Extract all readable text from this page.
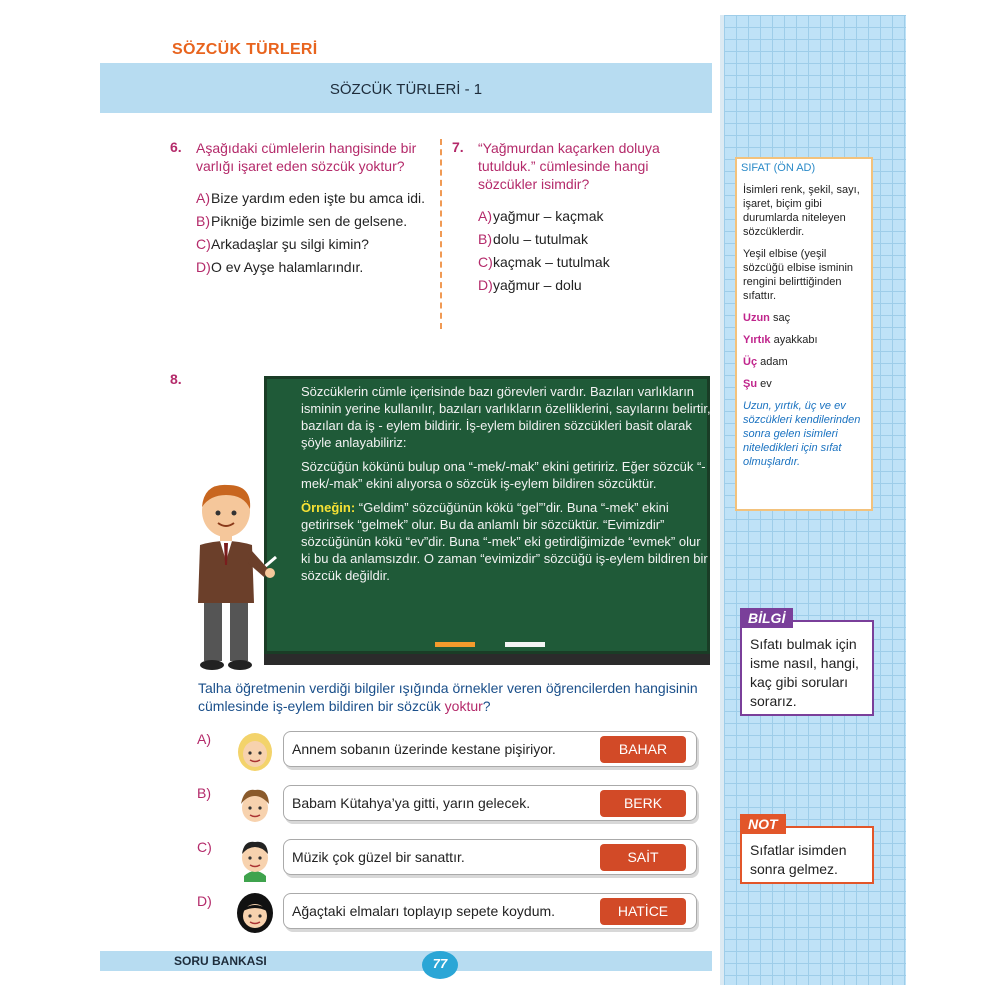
SÖZCÜK TÜRLERİ
SÖZCÜK TÜRLERİ - 1
6. Aşağıdaki cümlelerin hangisinde bir varlığı işaret eden sözcük yoktur?
A) Bize yardım eden işte bu amca idi.
B) Pikniğe bizimle sen de gelsene.
C) Arkadaşlar şu silgi kimin?
D) O ev Ayşe halamlarındır.
7. “Yağmurdan kaçarken doluya tutulduk.” cümlesinde hangi sözcükler isimdir?
A) yağmur – kaçmak
B) dolu – tutulmak
C) kaçmak – tutulmak
D) yağmur – dolu
8.

Sözcüklerin cümle içerisinde bazı görevleri vardır. Bazıları varlıkların isminin yerine kullanılır, bazıları varlıkların özelliklerini, sayılarını belirtir, bazıları da iş - eylem bildirir. İş-eylem bildiren sözcükleri basit olarak şöyle anlayabiliriz:

Sözcüğün kökünü bulup ona “-mek/-mak” ekini getiririz. Eğer sözcük “-mek/-mak” ekini alıyorsa o sözcük iş-eylem bildiren sözcüktür.

Örneğin: “Geldim” sözcüğünün kökü “gel”’dir. Buna “-mek” ekini getirirsek “gelmek” olur. Bu da anlamlı bir sözcüktür. “Evimizdir” sözcüğünün kökü “ev”dir. Buna “-mek” eki getirdiğimizde “evmek” olur ki bu da anlamsızdır. O zaman “evimizdir” sözcüğü iş-eylem bildiren bir sözcük değildir.

Talha öğretmenin verdiği bilgiler ışığında örnekler veren öğrencilerden hangisinin cümlesinde iş-eylem bildiren bir sözcük yoktur?
A)
Annem sobanın üzerinde kestane pişiriyor.	BAHAR
B)
Babam Kütahya’ya gitti, yarın gelecek.	BERK
C)
Müzik çok güzel bir sanattır.	SAİT
D)
Ağaçtaki elmaları toplayıp sepete koydum.	HATİCE
SORU BANKASI	77
SIFAT (ÖN AD)

İsimleri renk, şekil, sayı, işaret, biçim gibi durumlarda niteleyen sözcüklerdir.

Yeşil elbise (yeşil sözcüğü elbise isminin rengini belirttiğinden sıfattır.

Uzun saç

Yırtık ayakkabı

Üç adam

Şu ev

Uzun, yırtık, üç ve ev sözcükleri kendilerinden sonra gelen isimleri niteledikleri için sıfat olmuşlardır.

BİLGİ
Sıfatı bulmak için isme nasıl, hangi, kaç gibi soruları sorarız.
NOT
Sıfatlar isimden sonra gelmez.
